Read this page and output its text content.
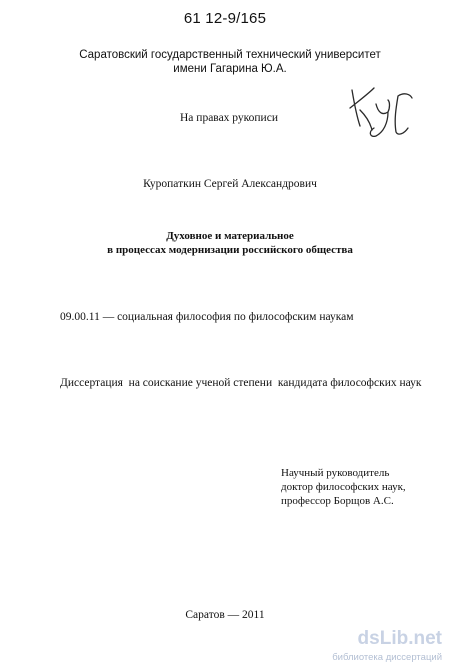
61 12-9/165
Саратовский государственный технический университет
имени Гагарина Ю.А.
На правах рукописи
Куропаткин Сергей Александрович
Духовное и материальное
в процессах модернизации российского общества
09.00.11 — социальная философия по философским наукам
Диссертация  на соискание ученой степени  кандидата философских наук
Научный руководитель
доктор философских наук,
профессор Борщов А.С.
Саратов — 2011
dsLib.net
библиотека диссертаций
